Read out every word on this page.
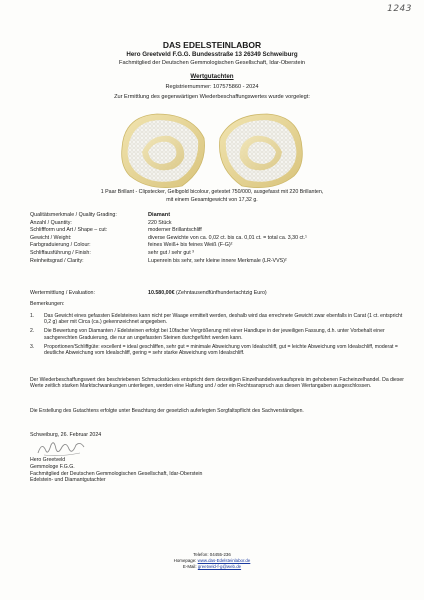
1243
DAS EDELSTEINLABOR
Hero Greetveld F.G.G. Bundesstraße 13 26349 Schweiburg
Fachmitglied der Deutschen Gemmologischen Gesellschaft, Idar-Oberstein
Wertgutachten
Registriernummer: 107575860 - 2024
Zur Ermittlung des gegenwärtigen Wiederbeschaffungswertes wurde vorgelegt:
1 Paar Brillant - Clipstecker, Gelbgold bicolour, getestet 750/000, ausgefasst mit 220 Brillanten,
mit einem Gesamtgewicht von 17,32 g.
Qualitätsmerkmale / Quality Grading:	Diamant
Anzahl / Quantity:	220 Stück
Schliffform und Art / Shape – cut:	moderner Brillantschliff
Gewicht / Weight:	diverse Gewichte von ca. 0,02 ct. bis ca. 0,01 ct. = total ca. 3,30 ct.¹
Farbgraduierung / Colour:	feines Weiß+ bis feines Weiß (F-G)²
Schliffausführung / Finish:	sehr gut / sehr gut ³
Reinheitsgrad / Clarity:	Lupenrein bis sehr, sehr kleine innere Merkmale (LR-VVS)²
Wertermittlung / Evaluation:	10.580,00€ (Zehntausendfünfhundertachtzig Euro)
Bemerkungen:
1.	Das Gewicht eines gefassten Edelsteines kann nicht per Waage ermittelt werden, deshalb wird das errechnete Gewicht zwar ebenfalls in Carat (1 ct. entspricht 0,2 g) aber mit Circa (ca.) gekennzeichnet angegeben.
2.	Die Bewertung von Diamanten / Edelsteinen erfolgt bei 10facher Vergrößerung mit einer Handlupe in der jeweiligen Fassung, d.h. unter Vorbehalt einer sachgerechten Graduierung, die nur an ungefassten Steinen durchgeführt werden kann.
3.	Proportionen/Schliffgüte: excellent = ideal geschliffen, sehr gut = minimale Abweichung vom Idealschliff, gut = leichte Abweichung vom Idealschliff, moderat = deutliche Abweichung vom Idealschliff, gering = sehr starke Abweichung vom Idealschliff.
Der Wiederbeschaffungswert des beschriebenen Schmuckstückes entspricht dem derzeitigen Einzelhandelsverkaufspreis im gehobenen Facheinzelhandel. Da dieser Werte zeitlich starken Marktschwankungen unterliegen, werden eine Haftung und / oder ein Rechtsanspruch aus diesen Wertangaben ausgeschlossen.
Die Erstellung des Gutachtens erfolgte unter Beachtung der gesetzlich auferlegten Sorgfaltspflicht des Sachverständigen.
Schweiburg, 26. Februar 2024
Hero Greetveld
Gemmologe F.G.G.
Fachmitglied der Deutschen Gemmologischen Gesellschaft, Idar-Oberstein
Edelstein- und Diamantgutachter
Telefon: 04455-236
Homepage: www.das-Edelsteinlabor.de
E-Mail: greetveld-f-g@web.de
